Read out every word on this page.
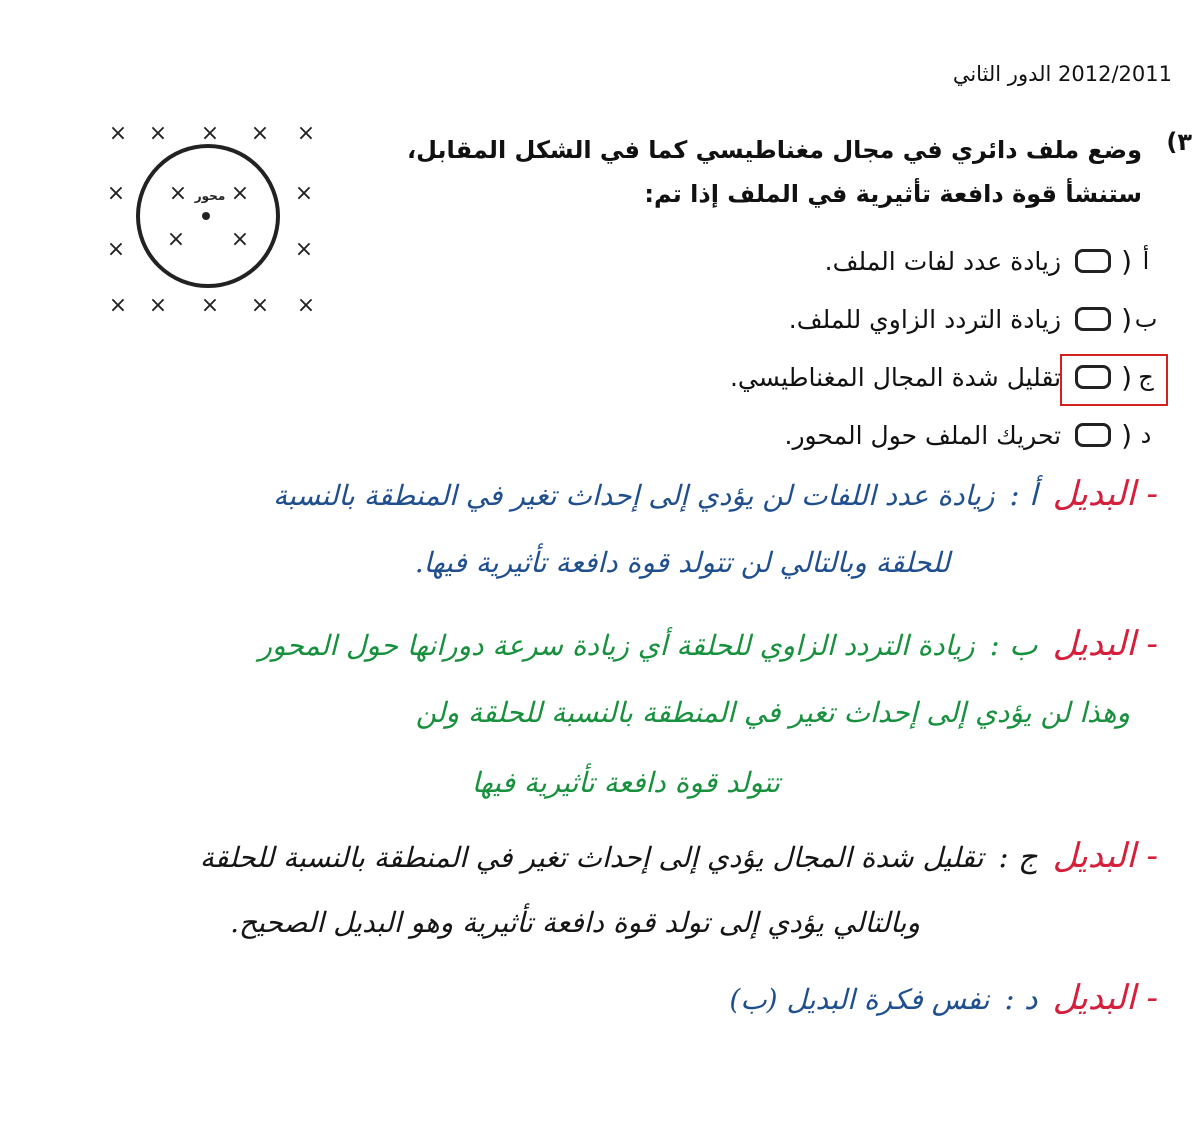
2012/2011 الدور الثاني
× × × × ×
× × × ×
× × × ×
× × × × ×
محور
٣)
وضع ملف دائري في مجال مغناطيسي كما في الشكل المقابل،
ستنشأ قوة دافعة تأثيرية في الملف إذا تم:
أ
(
زيادة عدد لفات الملف.
ب
(
زيادة التردد الزاوي للملف.
ج
(
تقليل شدة المجال المغناطيسي.
د
(
تحريك الملف حول المحور.
- البديل أ : زيادة عدد اللفات لن يؤدي إلى إحداث تغير في المنطقة بالنسبة
للحلقة وبالتالي لن تتولد قوة دافعة تأثيرية فيها.
- البديل ب : زيادة التردد الزاوي للحلقة أي زيادة سرعة دورانها حول المحور
وهذا لن يؤدي إلى إحداث تغير في المنطقة بالنسبة للحلقة ولن
تتولد قوة دافعة تأثيرية فيها
- البديل ج : تقليل شدة المجال يؤدي إلى إحداث تغير في المنطقة بالنسبة للحلقة
وبالتالي يؤدي إلى تولد قوة دافعة تأثيرية وهو البديل الصحيح.
- البديل د : نفس فكرة البديل (ب)
